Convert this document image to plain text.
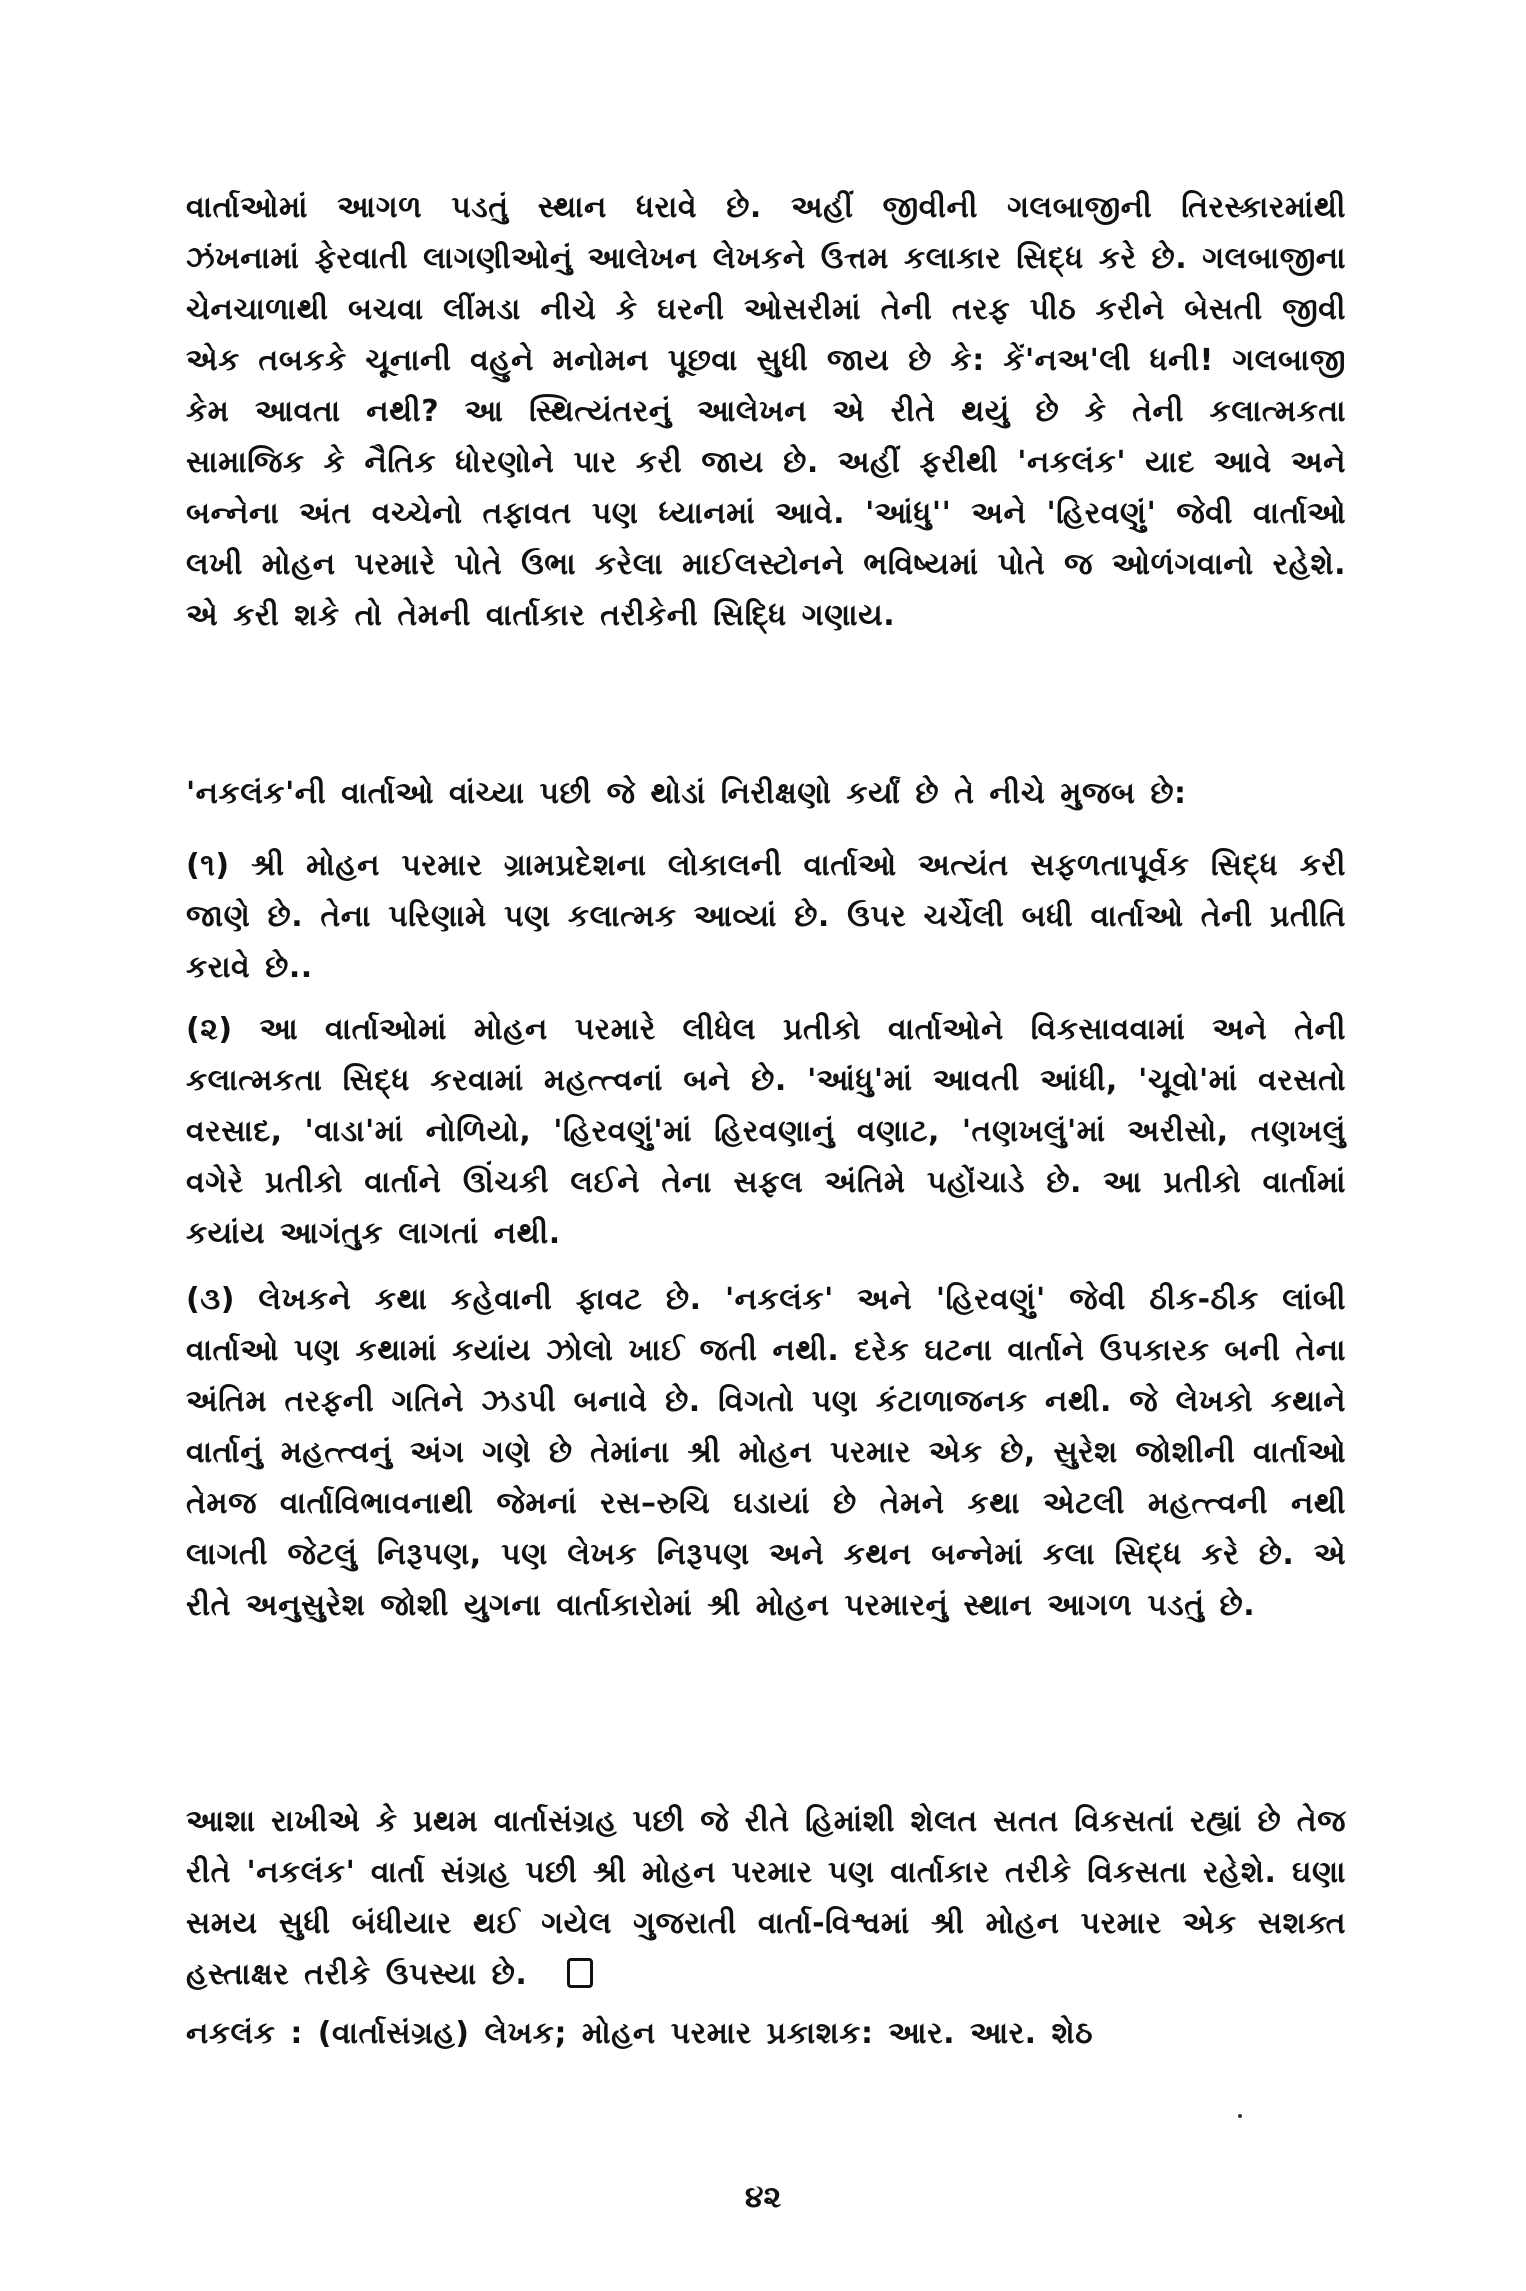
વાર્તાઓમાં આગળ પડતું સ્થાન ધરાવે છે. અહીં જીવીની ગલબાજીની તિરસ્કારમાંથી ઝંખનામાં ફેરવાતી લાગણીઓનું આલેખન લેખકને ઉત્તમ કલાકાર સિદ્ધ કરે છે. ગલબાજીના ચેનચાળાથી બચવા લીંમડા નીચે કે ઘરની ઓસરીમાં તેની તરફ પીઠ કરીને બેસતી જીવી એક તબકકે ચૂનાની વહુને મનોમન પૂછવા સુધી જાય છે કે: કેં'નઅ'લી ધની! ગલબાજી કેમ આવતા નથી? આ સ્થિત્યંતરનું આલેખન એ રીતે થયું છે કે તેની કલાત્મકતા સામાજિક કે નૈતિક ધોરણોને પાર કરી જાય છે. અહીં ફરીથી 'નકલંક' યાદ આવે અને બન્નેના અંત વચ્ચેનો તફાવત પણ ધ્યાનમાં આવે. 'આંધુ'' અને 'હિરવણું' જેવી વાર્તાઓ લખી મોહન પરમારે પોતે ઉભા કરેલા માઈલસ્ટોનને ભવિષ્યમાં પોતે જ ઓળંગવાનો રહેશે. એ કરી શકે તો તેમની વાર્તાકાર તરીકેની સિદ્ધિ ગણાય.

'નકલંક'ની વાર્તાઓ વાંચ્યા પછી જે થોડાં નિરીક્ષણો કર્યાં છે તે નીચે મુજબ છે:

(૧) શ્રી મોહન પરમાર ગ્રામપ્રદેશના લોકાલની વાર્તાઓ અત્યંત સફળતાપૂર્વક સિદ્ધ કરી જાણે છે. તેના પરિણામે પણ કલાત્મક આવ્યાં છે. ઉપર ચર્ચેલી બધી વાર્તાઓ તેની પ્રતીતિ કરાવે છે..

(૨) આ વાર્તાઓમાં મોહન પરમારે લીધેલ પ્રતીકો વાર્તાઓને વિકસાવવામાં અને તેની કલાત્મકતા સિદ્ધ કરવામાં મહત્ત્વનાં બને છે. 'આંધુ'માં આવતી આંધી, 'ચૂવો'માં વરસતો વરસાદ, 'વાડા'માં નોળિયો, 'હિરવણું'માં હિરવણાનું વણાટ, 'તણખલું'માં અરીસો, તણખલું વગેરે પ્રતીકો વાર્તાને ઊંચકી લઈને તેના સફલ અંતિમે પહોંચાડે છે. આ પ્રતીકો વાર્તામાં કયાંય આગંતુક લાગતાં નથી.

(૩) લેખકને કથા કહેવાની ફાવટ છે. 'નકલંક' અને 'હિરવણું' જેવી ઠીક-ઠીક લાંબી વાર્તાઓ પણ કથામાં કયાંય ઝોલો ખાઈ જતી નથી. દરેક ઘટના વાર્તાને ઉપકારક બની તેના અંતિમ તરફની ગતિને ઝડપી બનાવે છે. વિગતો પણ કંટાળાજનક નથી. જે લેખકો કથાને વાર્તાનું મહત્ત્વનું અંગ ગણે છે તેમાંના શ્રી મોહન પરમાર એક છે, સુરેશ જોશીની વાર્તાઓ તેમજ વાર્તાવિભાવનાથી જેમનાં રસ–રુચિ ઘડાયાં છે તેમને કથા એટલી મહત્ત્વની નથી લાગતી જેટલું નિરૂપણ, પણ લેખક નિરૂપણ અને કથન બન્નેમાં કલા સિદ્ધ કરે છે. એ રીતે અનુસુરેશ જોશી યુગના વાર્તાકારોમાં શ્રી મોહન પરમારનું સ્થાન આગળ પડતું છે.

આશા રાખીએ કે પ્રથમ વાર્તાસંગ્રહ પછી જે રીતે હિમાંશી શેલત સતત વિકસતાં રહ્યાં છે તેજ રીતે 'નકલંક' વાર્તા સંગ્રહ પછી શ્રી મોહન પરમાર પણ વાર્તાકાર તરીકે વિકસતા રહેશે. ઘણા સમય સુધી બંધીયાર થઈ ગયેલ ગુજરાતી વાર્તા-વિશ્વમાં શ્રી મોહન પરમાર એક સશક્ત હસ્તાક્ષર તરીકે ઉપસ્યા છે.

નકલંક : (વાર્તાસંગ્રહ) લેખક; મોહન પરમાર પ્રકાશક: આર. આર. શેઠ

૪૨
